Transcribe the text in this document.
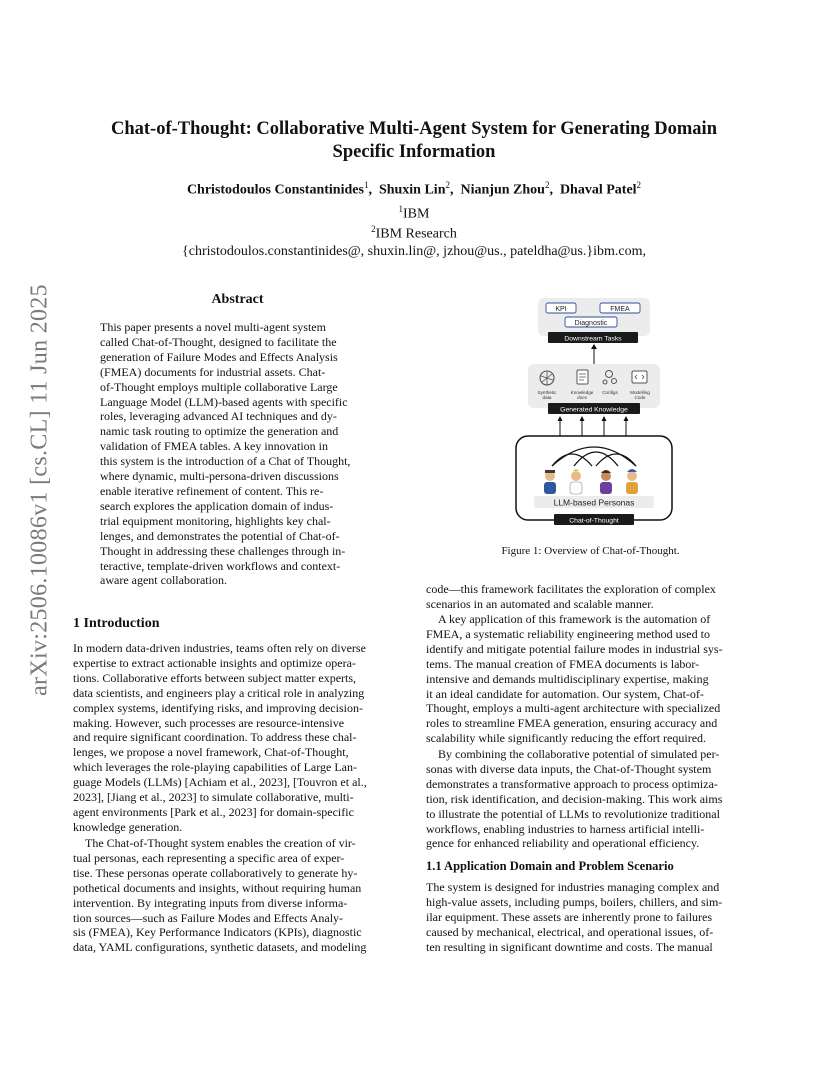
arXiv:2506.10086v1 [cs.CL] 11 Jun 2025
Chat-of-Thought: Collaborative Multi-Agent System for Generating Domain
Specific Information
Christodoulos Constantinides$^1$,  Shuxin Lin$^2$,  Nianjun Zhou$^2$,  Dhaval Patel$^2$
$^1$IBM
$^2$IBM Research
{christodoulos.constantinides@, shuxin.lin@, jzhou@us., pateldha@us.}ibm.com,
Abstract

This paper presents a novel multi-agent system

called Chat-of-Thought, designed to facilitate the

generation of Failure Modes and Effects Analysis

(FMEA) documents for industrial assets. Chat-

of-Thought employs multiple collaborative Large

Language Model (LLM)-based agents with specific

roles, leveraging advanced AI techniques and dy-

namic task routing to optimize the generation and

validation of FMEA tables. A key innovation in

this system is the introduction of a Chat of Thought,

where dynamic, multi-persona-driven discussions

enable iterative refinement of content. This re-

search explores the application domain of indus-

trial equipment monitoring, highlights key chal-

lenges, and demonstrates the potential of Chat-of-

Thought in addressing these challenges through in-

teractive, template-driven workflows and context-

aware agent collaboration.

1 Introduction

In modern data-driven industries, teams often rely on diverse

expertise to extract actionable insights and optimize opera-

tions. Collaborative efforts between subject matter experts,

data scientists, and engineers play a critical role in analyzing

complex systems, identifying risks, and improving decision-

making. However, such processes are resource-intensive

and require significant coordination. To address these chal-

lenges, we propose a novel framework, Chat-of-Thought,

which leverages the role-playing capabilities of Large Lan-

guage Models (LLMs) [Achiam et al., 2023], [Touvron et al.,

2023], [Jiang et al., 2023] to simulate collaborative, multi-

agent environments [Park et al., 2023] for domain-specific

knowledge generation.

The Chat-of-Thought system enables the creation of vir-

tual personas, each representing a specific area of exper-

tise. These personas operate collaboratively to generate hy-

pothetical documents and insights, without requiring human

intervention. By integrating inputs from diverse informa-

tion sources—such as Failure Modes and Effects Analy-

sis (FMEA), Key Performance Indicators (KPIs), diagnostic

data, YAML configurations, synthetic datasets, and modeling

KPI	FMEA
Diagnostic
Downstream Tasks
Synthetic data
Knowledge docs
Configs	Modelling Code
Generated Knowledge
LLM-based Personas
Chat-of-Thought
Figure 1: Overview of Chat-of-Thought.

code—this framework facilitates the exploration of complex

scenarios in an automated and scalable manner.

A key application of this framework is the automation of

FMEA, a systematic reliability engineering method used to

identify and mitigate potential failure modes in industrial sys-

tems. The manual creation of FMEA documents is labor-

intensive and demands multidisciplinary expertise, making

it an ideal candidate for automation. Our system, Chat-of-

Thought, employs a multi-agent architecture with specialized

roles to streamline FMEA generation, ensuring accuracy and

scalability while significantly reducing the effort required.

By combining the collaborative potential of simulated per-

sonas with diverse data inputs, the Chat-of-Thought system

demonstrates a transformative approach to process optimiza-

tion, risk identification, and decision-making. This work aims

to illustrate the potential of LLMs to revolutionize traditional

workflows, enabling industries to harness artificial intelli-

gence for enhanced reliability and operational efficiency.

1.1 Application Domain and Problem Scenario

The system is designed for industries managing complex and

high-value assets, including pumps, boilers, chillers, and sim-

ilar equipment. These assets are inherently prone to failures

caused by mechanical, electrical, and operational issues, of-

ten resulting in significant downtime and costs. The manual
